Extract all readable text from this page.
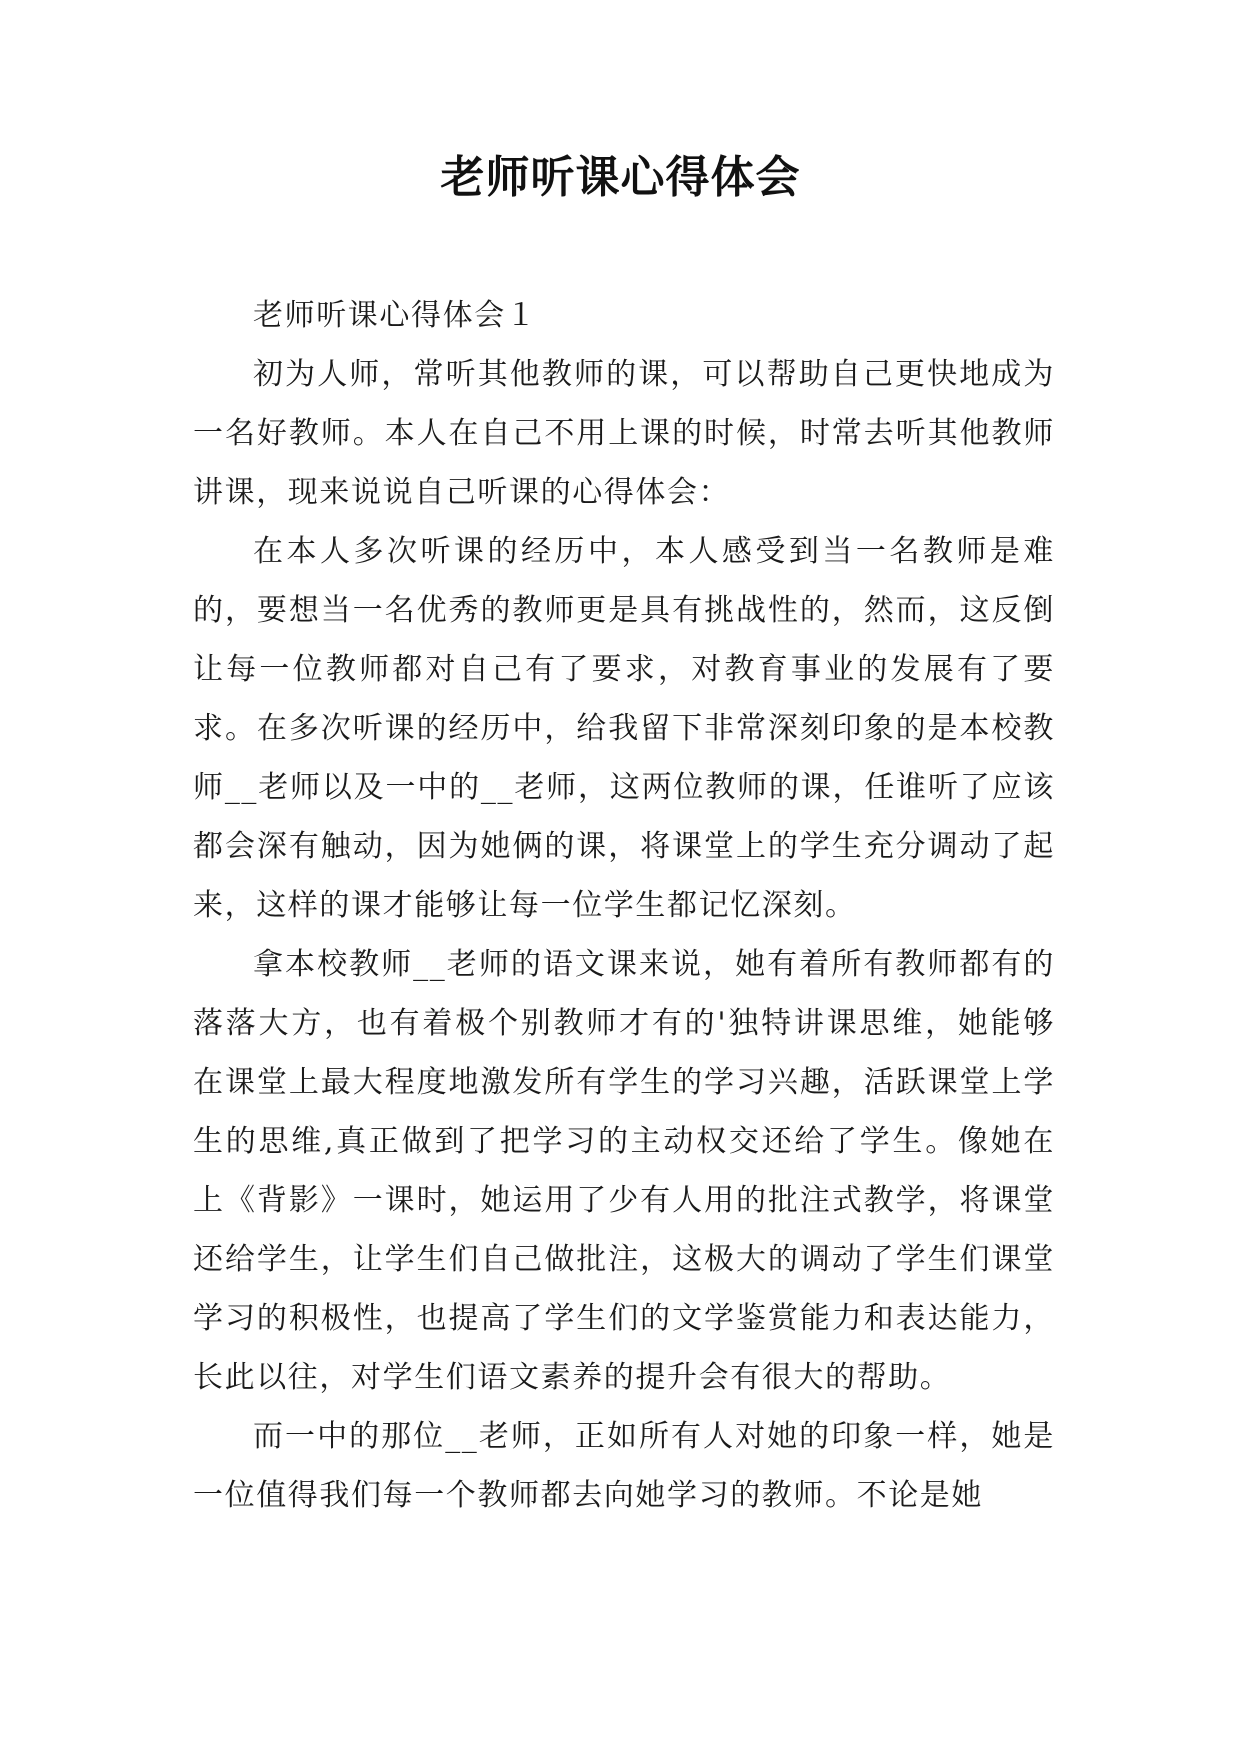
老师听课心得体会

老师听课心得体会１

初为人师，常听其他教师的课，可以帮助自己更快地成为一名好教师。本人在自己不用上课的时候，时常去听其他教师讲课，现来说说自己听课的心得体会：

在本人多次听课的经历中，本人感受到当一名教师是难的，要想当一名优秀的教师更是具有挑战性的，然而，这反倒让每一位教师都对自己有了要求，对教育事业的发展有了要求。在多次听课的经历中，给我留下非常深刻印象的是本校教师__老师以及一中的__老师，这两位教师的课，任谁听了应该都会深有触动，因为她俩的课，将课堂上的学生充分调动了起来，这样的课才能够让每一位学生都记忆深刻。

拿本校教师__老师的语文课来说，她有着所有教师都有的落落大方，也有着极个别教师才有的'独特讲课思维，她能够在课堂上最大程度地激发所有学生的学习兴趣，活跃课堂上学生的思维,真正做到了把学习的主动权交还给了学生。像她在上《背影》一课时，她运用了少有人用的批注式教学，将课堂还给学生，让学生们自己做批注，这极大的调动了学生们课堂学习的积极性，也提高了学生们的文学鉴赏能力和表达能力，长此以往，对学生们语文素养的提升会有很大的帮助。

而一中的那位__老师，正如所有人对她的印象一样，她是一位值得我们每一个教师都去向她学习的教师。不论是她
